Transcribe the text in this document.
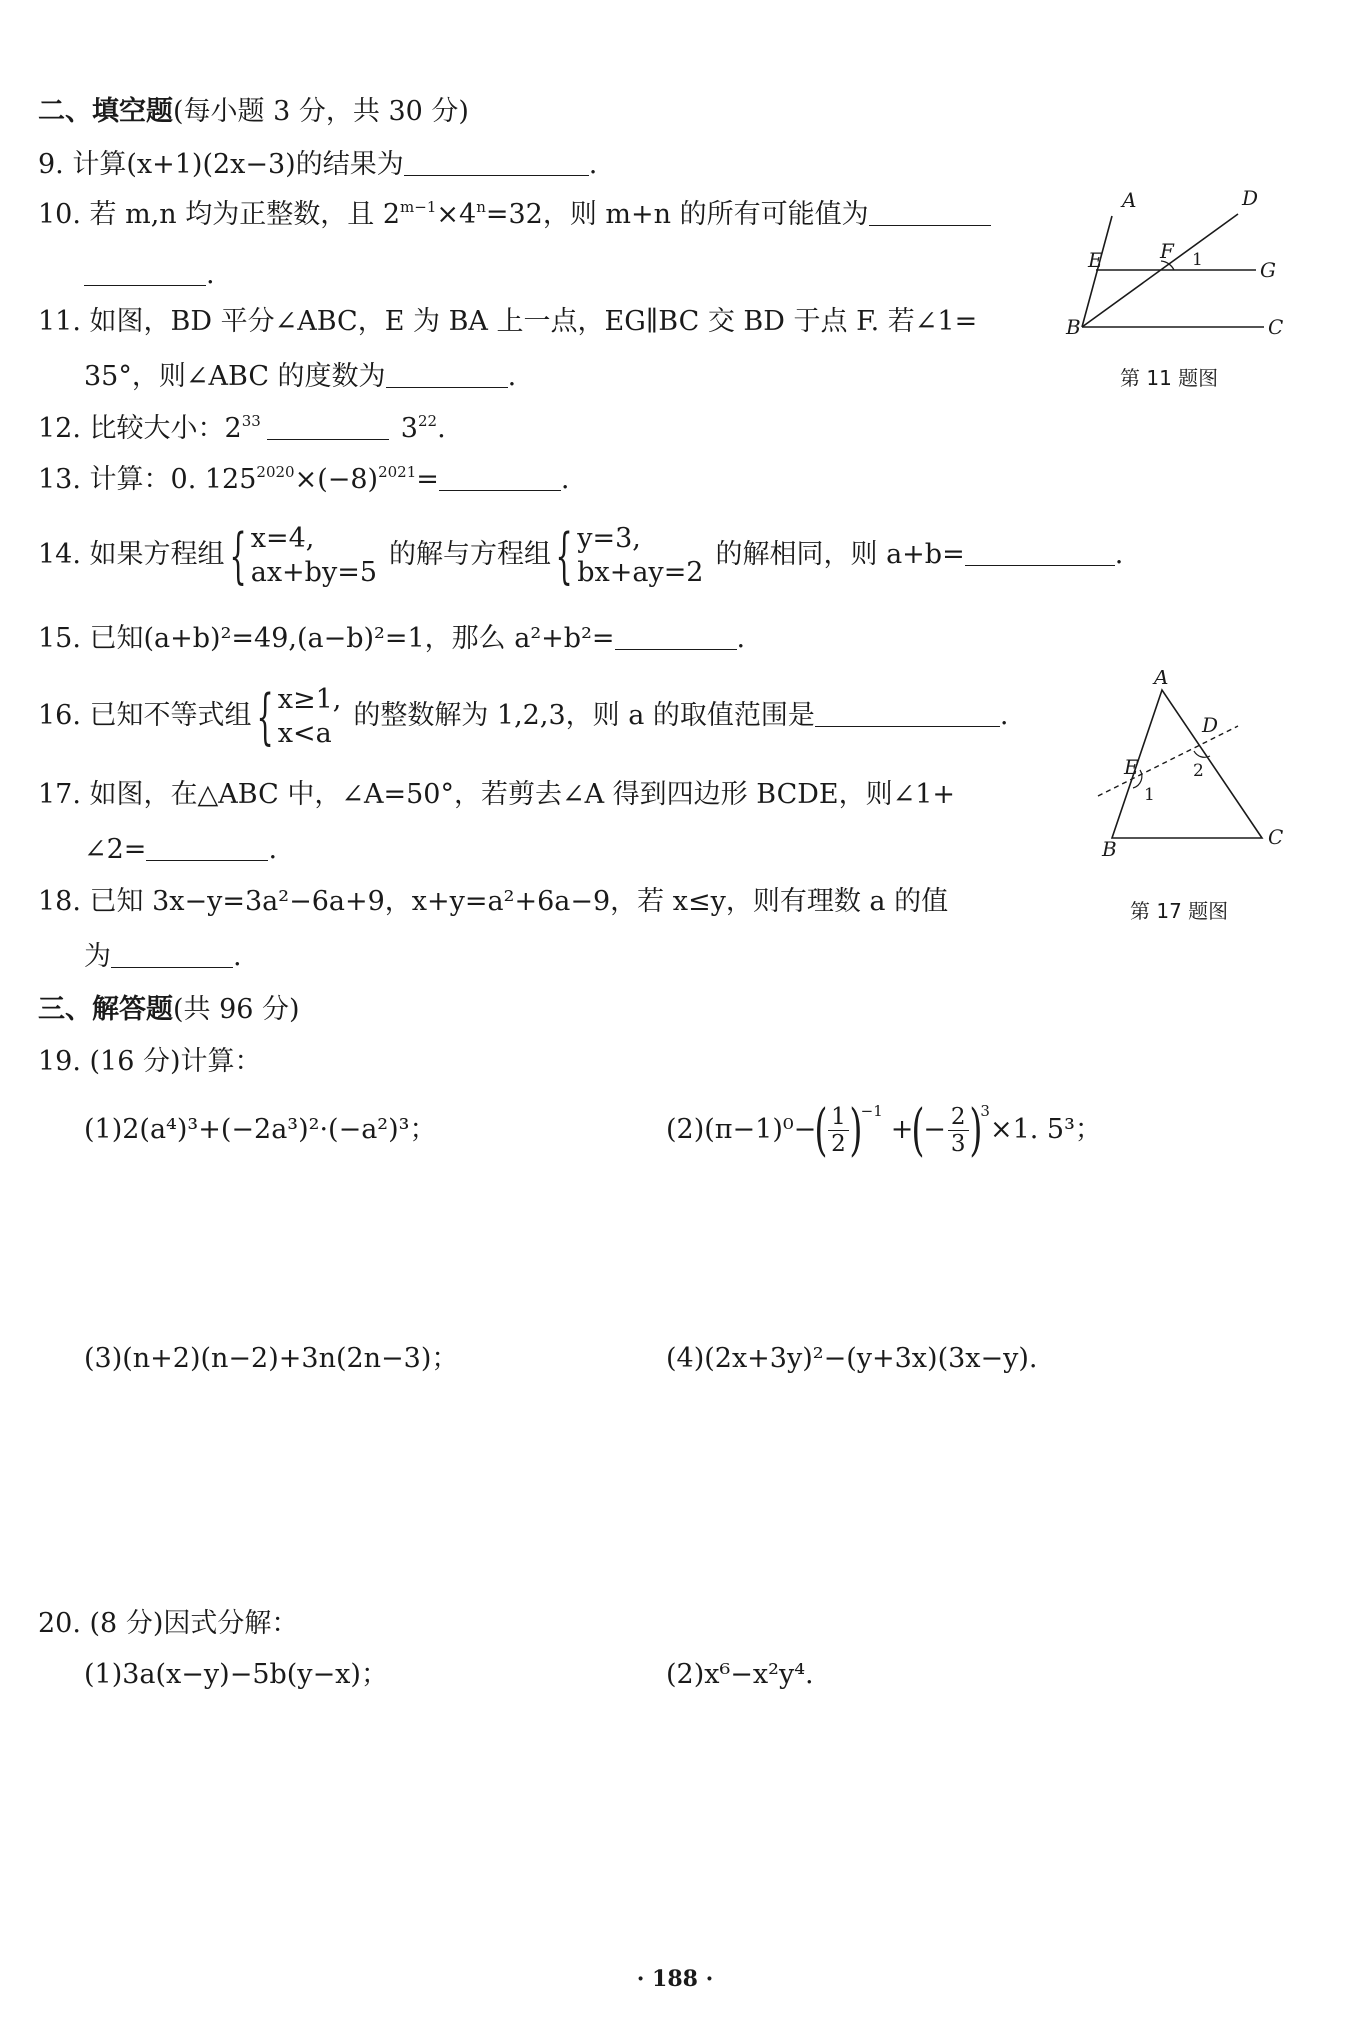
二、填空题(每小题 3 分，共 30 分)
9. 计算(x+1)(2x−3)的结果为	.
10. 若 m,n 均为正整数，且 $2^{m-1}\times 4^n=32$，则 m+n 的所有可能值为
.
11. 如图，BD 平分∠ABC，E 为 BA 上一点，EG∥BC 交 BD 于点 F. 若∠1=
35°，则∠ABC 的度数为	.
12. 比较大小：$2^{33}$	$3^{22}$.
13. 计算：0. $125^{2020}\times(-8)^{2021}=$	.
14. 如果方程组 { x=4,
ax+by=5
的解与方程组 { y=3,
bx+ay=2
的解相同，则 a+b=	.
15. 已知(a+b)²=49,(a−b)²=1，那么 a²+b²=	.
16. 已知不等式组 { x≥1,
x<a
的整数解为 1,2,3，则 a 的取值范围是	.
17. 如图，在△ABC 中，∠A=50°，若剪去∠A 得到四边形 BCDE，则∠1+
∠2=	.
18. 已知 3x−y=3a²−6a+9，x+y=a²+6a−9，若 x≤y，则有理数 a 的值
为	.
三、解答题(共 96 分)
19. (16 分)计算：
(1)2(a⁴)³+(−2a³)²·(−a²)³；	$(2)(\pi-1)^0-( \frac{1}{2} )^{-1}+(- \frac{2}{3} )^3\times 1$. 5³；
(3)(n+2)(n−2)+3n(2n−3)；	(4)(2x+3y)²−(y+3x)(3x−y).
20. (8 分)因式分解：
(1)3a(x−y)−5b(y−x)；	(2)x⁶−x²y⁴.
A	D
E	F 1	G
B	C
第 11 题图
A
D
E
1
2
B	C
第 17 题图
· 188 ·
